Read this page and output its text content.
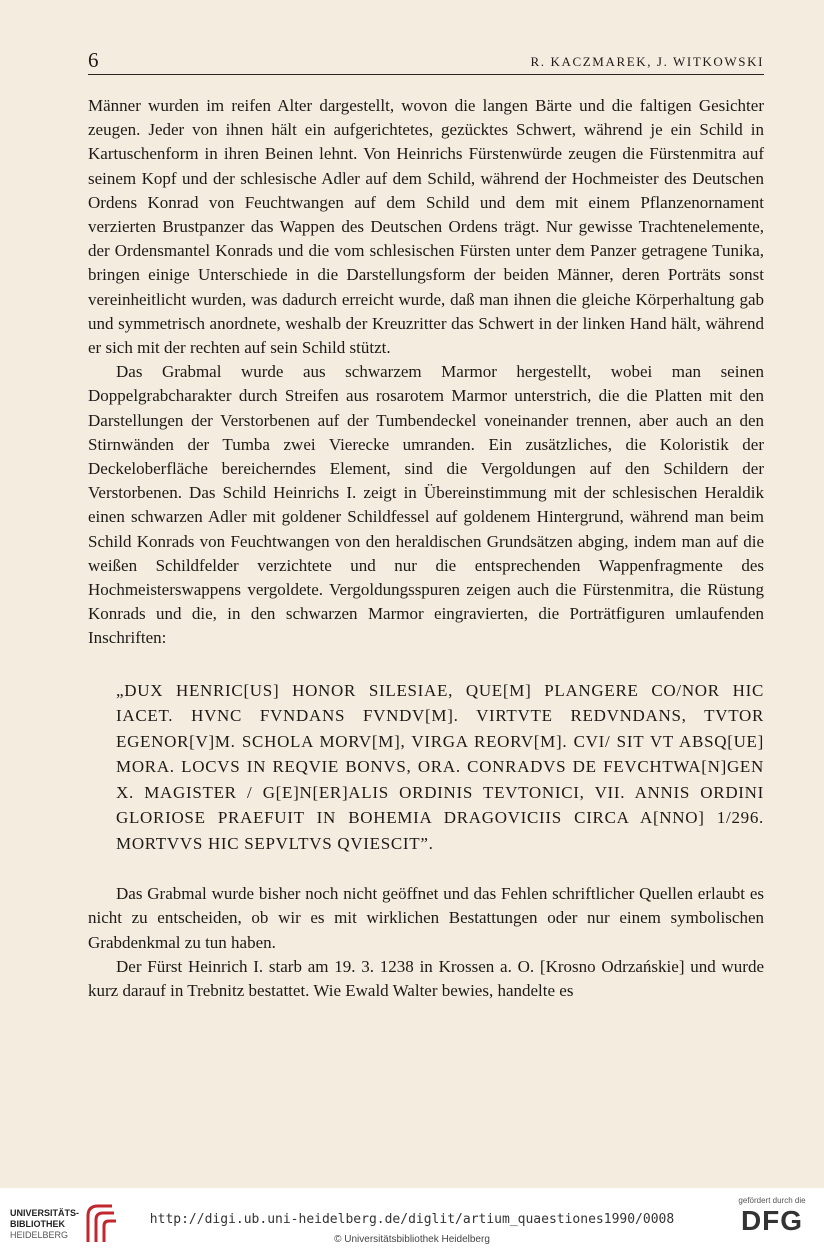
6	R. KACZMAREK, J. WITKOWSKI

Männer wurden im reifen Alter dargestellt, wovon die langen Bärte und die faltigen Gesichter zeugen. Jeder von ihnen hält ein aufgerichtetes, gezücktes Schwert, während je ein Schild in Kartuschenform in ihren Beinen lehnt. Von Heinrichs Fürstenwürde zeugen die Fürstenmitra auf seinem Kopf und der schlesische Adler auf dem Schild, während der Hochmeister des Deutschen Ordens Konrad von Feuchtwangen auf dem Schild und dem mit einem Pflanzenornament verzierten Brustpanzer das Wappen des Deutschen Ordens trägt. Nur gewisse Trachtenelemente, der Ordensmantel Konrads und die vom schlesischen Fürsten unter dem Panzer getragene Tunika, bringen einige Unterschiede in die Darstellungsform der beiden Männer, deren Porträts sonst vereinheitlicht wurden, was dadurch erreicht wurde, daß man ihnen die gleiche Körperhaltung gab und symmetrisch anordnete, weshalb der Kreuzritter das Schwert in der linken Hand hält, während er sich mit der rechten auf sein Schild stützt.

Das Grabmal wurde aus schwarzem Marmor hergestellt, wobei man seinen Doppelgrabcharakter durch Streifen aus rosarotem Marmor unterstrich, die die Platten mit den Darstellungen der Verstorbenen auf der Tumbendeckel voneinander trennen, aber auch an den Stirnwänden der Tumba zwei Vierecke umranden. Ein zusätzliches, die Koloristik der Deckeloberfläche bereicherndes Element, sind die Vergoldungen auf den Schildern der Verstorbenen. Das Schild Heinrichs I. zeigt in Übereinstimmung mit der schlesischen Heraldik einen schwarzen Adler mit goldener Schildfessel auf goldenem Hintergrund, während man beim Schild Konrads von Feuchtwangen von den heraldischen Grundsätzen abging, indem man auf die weißen Schildfelder verzichtete und nur die entsprechenden Wappenfragmente des Hochmeisterswappens vergoldete. Vergoldungsspuren zeigen auch die Fürstenmitra, die Rüstung Konrads und die, in den schwarzen Marmor eingravierten, die Porträtfiguren umlaufenden Inschriften:

„DUX HENRIC[US] HONOR SILESIAE, QUE[M] PLANGERE CO/NOR HIC IACET. HVNC FVNDANS FVNDV[M]. VIRTVTE REDVNDANS, TVTOR EGENOR[V]M. SCHOLA MORV[M], VIRGA REORV[M]. CVI/ SIT VT ABSQ[UE] MORA. LOCVS IN REQVIE BONVS, ORA. CONRADVS DE FEVCHTWA[N]GEN X. MAGISTER / G[E]N[ER]ALIS ORDINIS TEVTONICI, VII. ANNIS ORDINI GLORIOSE PRAEFUIT IN BOHEMIA DRAGOVICIIS CIRCA A[NNO] 1/296. MORTVVS HIC SEPVLTVS QVIESCIT”.

Das Grabmal wurde bisher noch nicht geöffnet und das Fehlen schriftlicher Quellen erlaubt es nicht zu entscheiden, ob wir es mit wirklichen Bestattungen oder nur einem symbolischen Grabdenkmal zu tun haben.

Der Fürst Heinrich I. starb am 19. 3. 1238 in Krossen a. O. [Krosno Odrzańskie] und wurde kurz darauf in Trebnitz bestattet. Wie Ewald Walter bewies, handelte es

UNIVERSITÄTS-
BIBLIOTHEK
HEIDELBERG
http://digi.ub.uni-heidelberg.de/diglit/artium_quaestiones1990/0008
© Universitätsbibliothek Heidelberg
gefördert durch die
DFG
